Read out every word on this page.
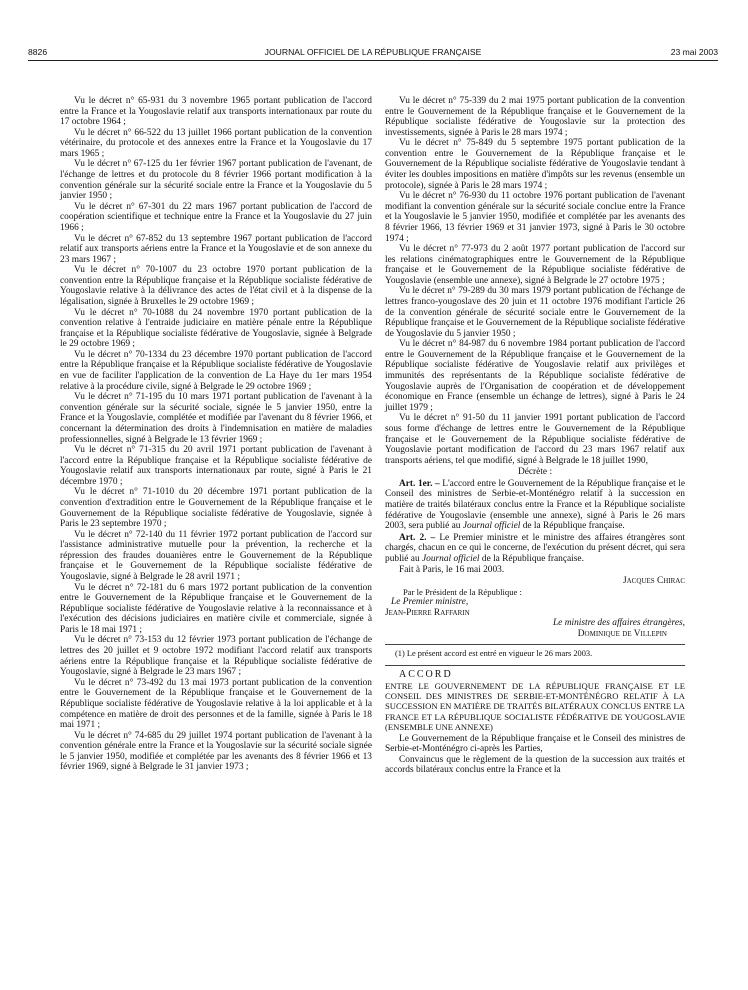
8826	JOURNAL OFFICIEL DE LA RÉPUBLIQUE FRANÇAISE	23 mai 2003

Vu le décret n° 65-931 du 3 novembre 1965 portant publication de l'accord entre la France et la Yougoslavie relatif aux transports internationaux par route du 17 octobre 1964 ;

Vu le décret n° 66-522 du 13 juillet 1966 portant publication de la convention vétérinaire, du protocole et des annexes entre la France et la Yougoslavie du 17 mars 1965 ;

Vu le décret n° 67-125 du 1er février 1967 portant publication de l'avenant, de l'échange de lettres et du protocole du 8 février 1966 portant modification à la convention générale sur la sécurité sociale entre la France et la Yougoslavie du 5 janvier 1950 ;

Vu le décret n° 67-301 du 22 mars 1967 portant publication de l'accord de coopération scientifique et technique entre la France et la Yougoslavie du 27 juin 1966 ;

Vu le décret n° 67-852 du 13 septembre 1967 portant publication de l'accord relatif aux transports aériens entre la France et la Yougoslavie et de son annexe du 23 mars 1967 ;

Vu le décret n° 70-1007 du 23 octobre 1970 portant publication de la convention entre la République française et la République socialiste fédérative de Yougoslavie relative à la délivrance des actes de l'état civil et à la dispense de la légalisation, signée à Bruxelles le 29 octobre 1969 ;

Vu le décret n° 70-1088 du 24 novembre 1970 portant publication de la convention relative à l'entraide judiciaire en matière pénale entre la République française et la République socialiste fédérative de Yougoslavie, signée à Belgrade le 29 octobre 1969 ;

Vu le décret n° 70-1334 du 23 décembre 1970 portant publication de l'accord entre la République française et la République socialiste fédérative de Yougoslavie en vue de faciliter l'application de la convention de La Haye du 1er mars 1954 relative à la procédure civile, signé à Belgrade le 29 octobre 1969 ;

Vu le décret n° 71-195 du 10 mars 1971 portant publication de l'avenant à la convention générale sur la sécurité sociale, signée le 5 janvier 1950, entre la France et la Yougoslavie, complétée et modifiée par l'avenant du 8 février 1966, et concernant la détermination des droits à l'indemnisation en matière de maladies professionnelles, signé à Belgrade le 13 février 1969 ;

Vu le décret n° 71-315 du 20 avril 1971 portant publication de l'avenant à l'accord entre la République française et la République socialiste fédérative de Yougoslavie relatif aux transports internationaux par route, signé à Paris le 21 décembre 1970 ;

Vu le décret n° 71-1010 du 20 décembre 1971 portant publication de la convention d'extradition entre le Gouvernement de la République française et le Gouvernement de la République socialiste fédérative de Yougoslavie, signée à Paris le 23 septembre 1970 ;

Vu le décret n° 72-140 du 11 février 1972 portant publication de l'accord sur l'assistance administrative mutuelle pour la prévention, la recherche et la répression des fraudes douanières entre le Gouvernement de la République française et le Gouvernement de la République socialiste fédérative de Yougoslavie, signé à Belgrade le 28 avril 1971 ;

Vu le décret n° 72-181 du 6 mars 1972 portant publication de la convention entre le Gouvernement de la République française et le Gouvernement de la République socialiste fédérative de Yougoslavie relative à la reconnaissance et à l'exécution des décisions judiciaires en matière civile et commerciale, signée à Paris le 18 mai 1971 ;

Vu le décret n° 73-153 du 12 février 1973 portant publication de l'échange de lettres des 20 juillet et 9 octobre 1972 modifiant l'accord relatif aux transports aériens entre la République française et la République socialiste fédérative de Yougoslavie, signé à Belgrade le 23 mars 1967 ;

Vu le décret n° 73-492 du 13 mai 1973 portant publication de la convention entre le Gouvernement de la République française et le Gouvernement de la République socialiste fédérative de Yougoslavie relative à la loi applicable et à la compétence en matière de droit des personnes et de la famille, signée à Paris le 18 mai 1971 ;

Vu le décret n° 74-685 du 29 juillet 1974 portant publication de l'avenant à la convention générale entre la France et la Yougoslavie sur la sécurité sociale signée le 5 janvier 1950, modifiée et complétée par les avenants des 8 février 1966 et 13 février 1969, signé à Belgrade le 31 janvier 1973 ;

Vu le décret n° 75-339 du 2 mai 1975 portant publication de la convention entre le Gouvernement de la République française et le Gouvernement de la République socialiste fédérative de Yougoslavie sur la protection des investissements, signée à Paris le 28 mars 1974 ;

Vu le décret n° 75-849 du 5 septembre 1975 portant publication de la convention entre le Gouvernement de la République française et le Gouvernement de la République socialiste fédérative de Yougoslavie tendant à éviter les doubles impositions en matière d'impôts sur les revenus (ensemble un protocole), signée à Paris le 28 mars 1974 ;

Vu le décret n° 76-930 du 11 octobre 1976 portant publication de l'avenant modifiant la convention générale sur la sécurité sociale conclue entre la France et la Yougoslavie le 5 janvier 1950, modifiée et complétée par les avenants des 8 février 1966, 13 février 1969 et 31 janvier 1973, signé à Paris le 30 octobre 1974 ;

Vu le décret n° 77-973 du 2 août 1977 portant publication de l'accord sur les relations cinématographiques entre le Gouvernement de la République française et le Gouvernement de la République socialiste fédérative de Yougoslavie (ensemble une annexe), signé à Belgrade le 27 octobre 1975 ;

Vu le décret n° 79-289 du 30 mars 1979 portant publication de l'échange de lettres franco-yougoslave des 20 juin et 11 octobre 1976 modifiant l'article 26 de la convention générale de sécurité sociale entre le Gouvernement de la République française et le Gouvernement de la République socialiste fédérative de Yougoslavie du 5 janvier 1950 ;

Vu le décret n° 84-987 du 6 novembre 1984 portant publication de l'accord entre le Gouvernement de la République française et le Gouvernement de la République socialiste fédérative de Yougoslavie relatif aux privilèges et immunités des représentants de la République socialiste fédérative de Yougoslavie auprès de l'Organisation de coopération et de développement économique en France (ensemble un échange de lettres), signé à Paris le 24 juillet 1979 ;

Vu le décret n° 91-50 du 11 janvier 1991 portant publication de l'accord sous forme d'échange de lettres entre le Gouvernement de la République française et le Gouvernement de la République socialiste fédérative de Yougoslavie portant modification de l'accord du 23 mars 1967 relatif aux transports aériens, tel que modifié, signé à Belgrade le 18 juillet 1990,

Décrète :

Art. 1er. – L'accord entre le Gouvernement de la République française et le Conseil des ministres de Serbie-et-Monténégro relatif à la succession en matière de traités bilatéraux conclus entre la France et la République socialiste fédérative de Yougoslavie (ensemble une annexe), signé à Paris le 26 mars 2003, sera publié au Journal officiel de la République française.

Art. 2. – Le Premier ministre et le ministre des affaires étrangères sont chargés, chacun en ce qui le concerne, de l'exécution du présent décret, qui sera publié au Journal officiel de la République française.

Fait à Paris, le 16 mai 2003.

Jacques Chirac

Par le Président de la République :

Le Premier ministre,

Jean-Pierre Raffarin

Le ministre des affaires étrangères,

Dominique de Villepin

(1) Le présent accord est entré en vigueur le 26 mars 2003.

ACCORD

ENTRE LE GOUVERNEMENT DE LA RÉPUBLIQUE FRANÇAISE ET LE CONSEIL DES MINISTRES DE SERBIE-ET-MONTÉNÉGRO RELATIF À LA SUCCESSION EN MATIÈRE DE TRAITÉS BILATÉRAUX CONCLUS ENTRE LA FRANCE ET LA RÉPUBLIQUE SOCIALISTE FÉDÉRATIVE DE YOUGOSLAVIE (ENSEMBLE UNE ANNEXE)

Le Gouvernement de la République française et le Conseil des ministres de Serbie-et-Monténégro ci-après les Parties,

Convaincus que le règlement de la question de la succession aux traités et accords bilatéraux conclus entre la France et la
